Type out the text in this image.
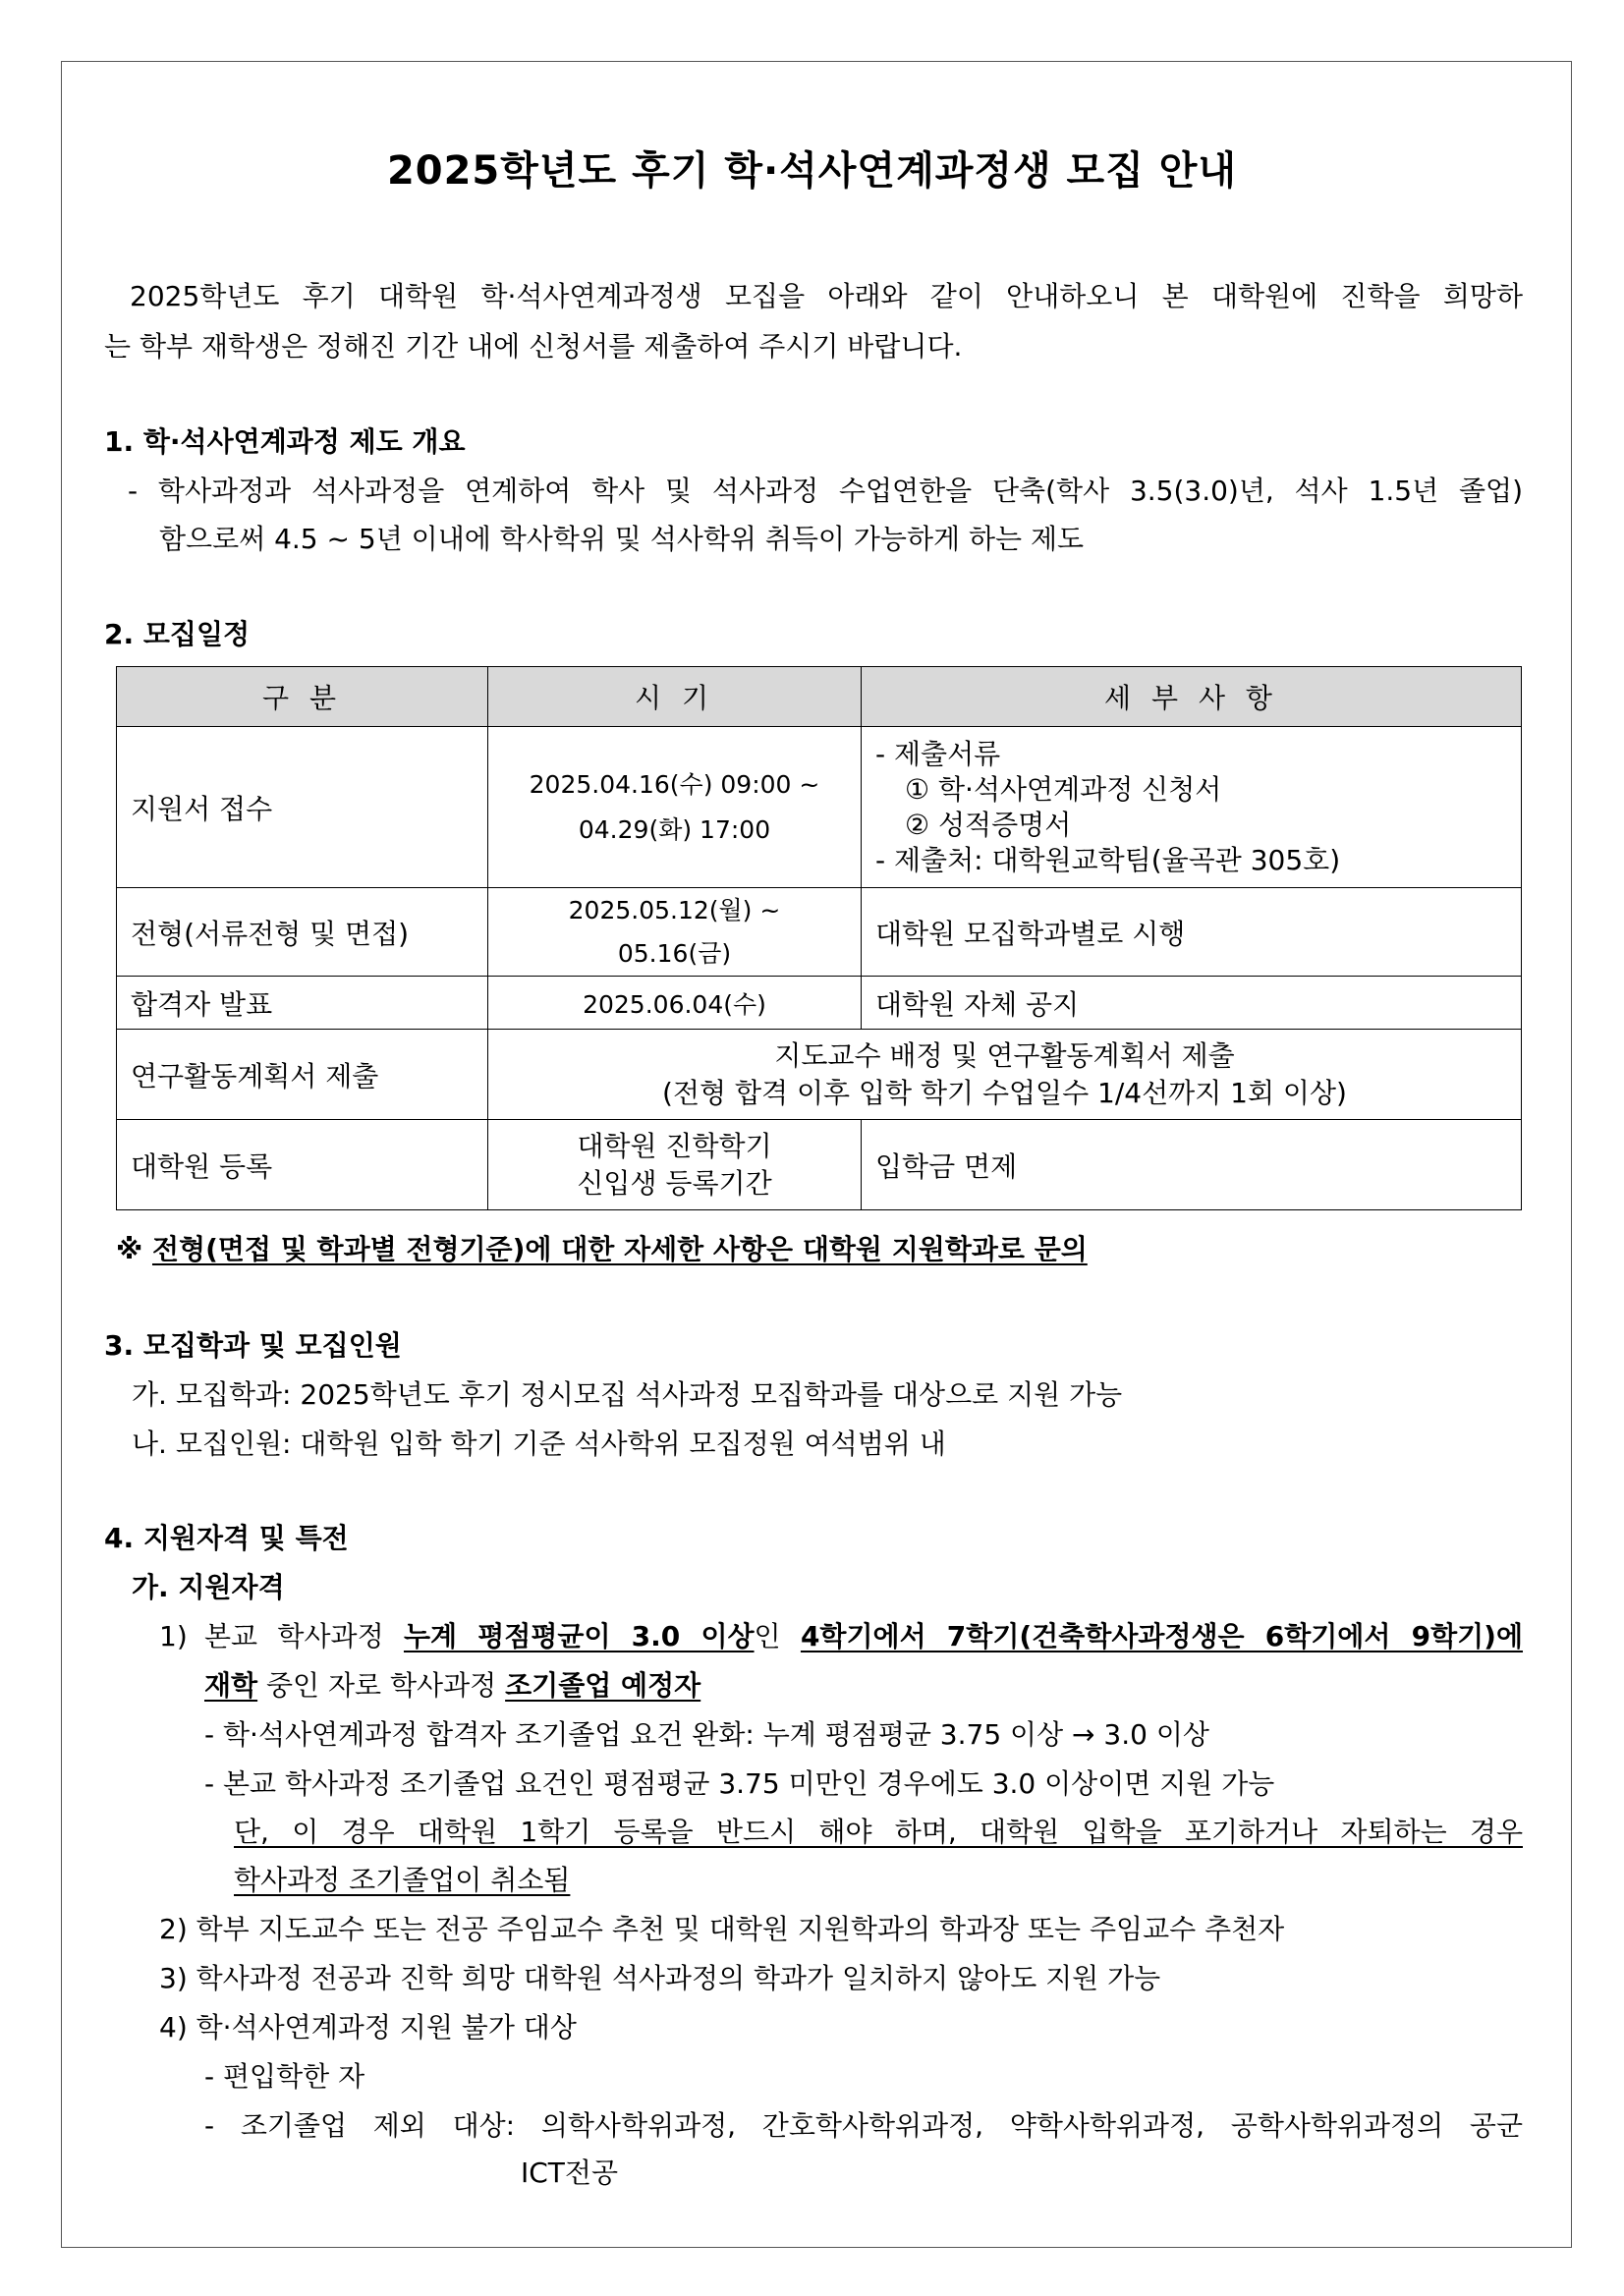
2025학년도 후기 학·석사연계과정생 모집 안내
2025학년도 후기 대학원 학·석사연계과정생 모집을 아래와 같이 안내하오니 본 대학원에 진학을 희망하
는 학부 재학생은 정해진 기간 내에 신청서를 제출하여 주시기 바랍니다.
1. 학·석사연계과정 제도 개요
- 학사과정과 석사과정을 연계하여 학사 및 석사과정 수업연한을 단축(학사 3.5(3.0)년, 석사 1.5년 졸업)
함으로써 4.5 ~ 5년 이내에 학사학위 및 석사학위 취득이 가능하게 하는 제도
2. 모집일정
구 분	시 기	세 부 사 항
지원서 접수	2025.04.16(수) 09:00 ~
04.29(화) 17:00	- 제출서류
① 학·석사연계과정 신청서
② 성적증명서
- 제출처: 대학원교학팀(율곡관 305호)

전형(서류전형 및 면접)	2025.05.12(월) ~
05.16(금)	대학원 모집학과별로 시행
합격자 발표	2025.06.04(수)	대학원 자체 공지
연구활동계획서 제출	지도교수 배정 및 연구활동계획서 제출
(전형 합격 이후 입학 학기 수업일수 1/4선까지 1회 이상)	

대학원 등록	대학원 진학학기
신입생 등록기간	입학금 면제
※ 전형(면접 및 학과별 전형기준)에 대한 자세한 사항은 대학원 지원학과로 문의
3. 모집학과 및 모집인원
가. 모집학과: 2025학년도 후기 정시모집 석사과정 모집학과를 대상으로 지원 가능
나. 모집인원: 대학원 입학 학기 기준 석사학위 모집정원 여석범위 내
4. 지원자격 및 특전
가. 지원자격
1) 본교 학사과정 누계 평점평균이 3.0 이상인 4학기에서 7학기(건축학사과정생은 6학기에서 9학기)에
재학 중인 자로 학사과정 조기졸업 예정자
- 학·석사연계과정 합격자 조기졸업 요건 완화: 누계 평점평균 3.75 이상 → 3.0 이상
- 본교 학사과정 조기졸업 요건인 평점평균 3.75 미만인 경우에도 3.0 이상이면 지원 가능
단, 이 경우 대학원 1학기 등록을 반드시 해야 하며, 대학원 입학을 포기하거나 자퇴하는 경우
학사과정 조기졸업이 취소됨
2) 학부 지도교수 또는 전공 주임교수 추천 및 대학원 지원학과의 학과장 또는 주임교수 추천자
3) 학사과정 전공과 진학 희망 대학원 석사과정의 학과가 일치하지 않아도 지원 가능
4) 학·석사연계과정 지원 불가 대상
- 편입학한 자
- 조기졸업 제외 대상: 의학사학위과정, 간호학사학위과정, 약학사학위과정, 공학사학위과정의 공군
ICT전공
